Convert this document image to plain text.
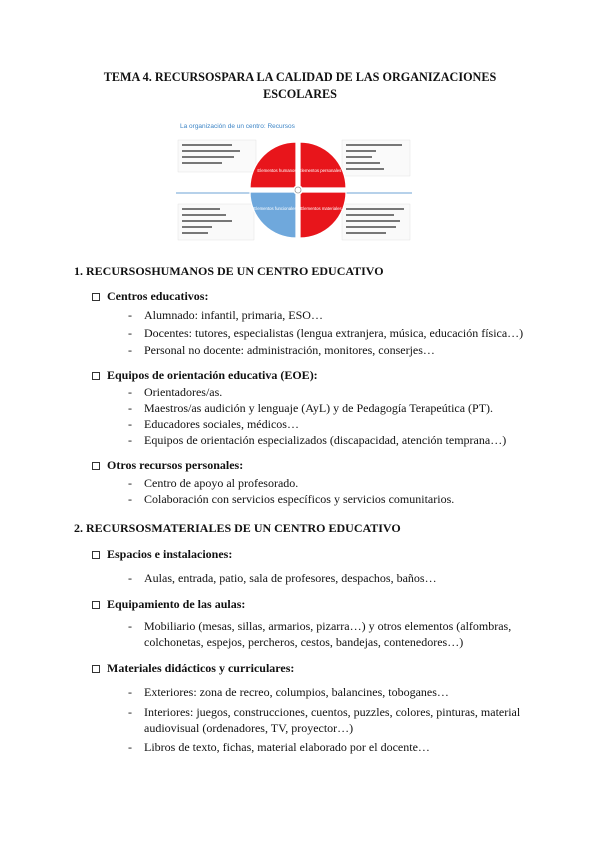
TEMA 4. RECURSOSPARA LA CALIDAD DE LAS ORGANIZACIONES ESCOLARES
La organización de un centro: Recursos
Elementos humanos Elementos personales
Elementos funcionales Elementos materiales
1. RECURSOSHUMANOS DE UN CENTRO EDUCATIVO
Centros educativos:
- Alumnado: infantil, primaria, ESO…
- Docentes: tutores, especialistas (lengua extranjera, música, educación física…)
- Personal no docente: administración, monitores, conserjes…
Equipos de orientación educativa (EOE):
- Orientadores/as.
- Maestros/as audición y lenguaje (AyL) y de Pedagogía Terapeútica (PT).
- Educadores sociales, médicos…
- Equipos de orientación especializados (discapacidad, atención temprana…)
Otros recursos personales:
- Centro de apoyo al profesorado.
- Colaboración con servicios específicos y servicios comunitarios.
2. RECURSOSMATERIALES DE UN CENTRO EDUCATIVO
Espacios e instalaciones:
- Aulas, entrada, patio, sala de profesores, despachos, baños…
Equipamiento de las aulas:
- Mobiliario (mesas, sillas, armarios, pizarra…) y otros elementos (alfombras, colchonetas, espejos, percheros, cestos, bandejas, contenedores…)
Materiales didácticos y curriculares:
- Exteriores: zona de recreo, columpios, balancines, toboganes…
- Interiores: juegos, construcciones, cuentos, puzzles, colores, pinturas, material audiovisual (ordenadores, TV, proyector…)
- Libros de texto, fichas, material elaborado por el docente…
